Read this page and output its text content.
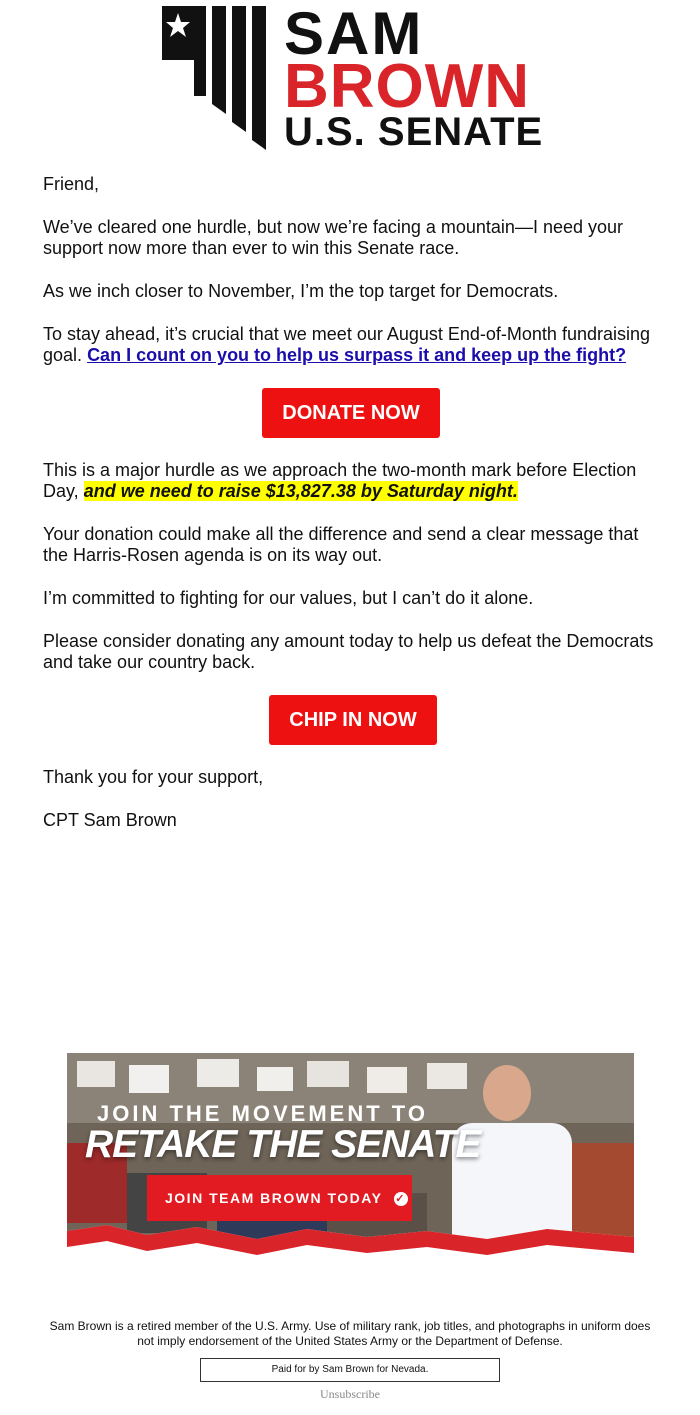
SAM
BROWN
U.S. SENATE

Friend,

We’ve cleared one hurdle, but now we’re facing a mountain—I need your support now more than ever to win this Senate race.

As we inch closer to November, I’m the top target for Democrats.

To stay ahead, it’s crucial that we meet our August End-of-Month fundraising goal. Can I count on you to help us surpass it and keep up the fight?

DONATE NOW

This is a major hurdle as we approach the two-month mark before Election Day, and we need to raise $13,827.38 by Saturday night.

Your donation could make all the difference and send a clear message that the Harris-Rosen agenda is on its way out.

I’m committed to fighting for our values, but I can’t do it alone.

Please consider donating any amount today to help us defeat the Democrats and take our country back.

CHIP IN NOW

Thank you for your support,

CPT Sam Brown

JOIN THE MOVEMENT TO
RETAKE THE SENATE
JOIN TEAM BROWN TODAY ✓
Sam Brown is a retired member of the U.S. Army. Use of military rank, job titles, and photographs in uniform does not imply endorsement of the United States Army or the Department of Defense.
Paid for by Sam Brown for Nevada.
Unsubscribe
